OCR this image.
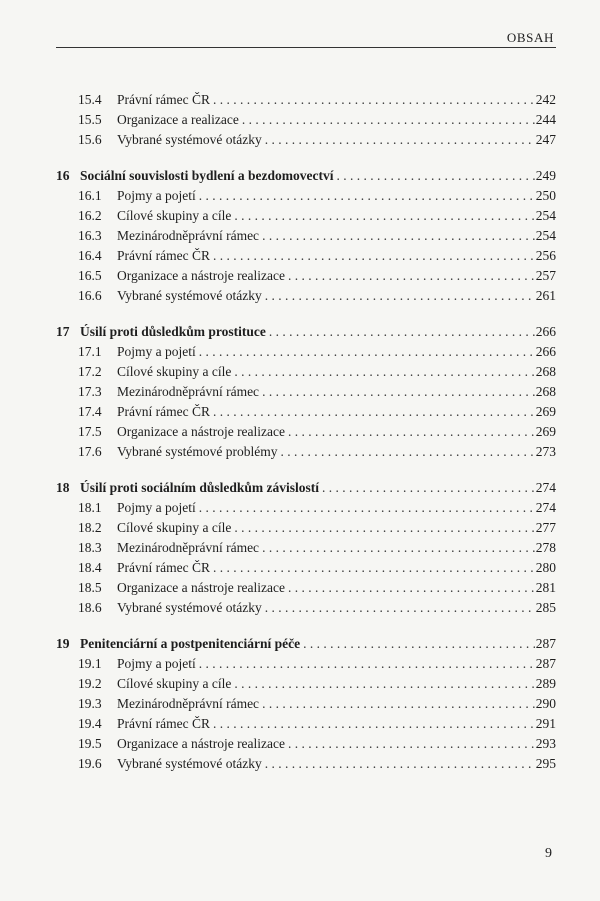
OBSAH
15.4 Právní rámec ČR . . .	242
15.5 Organizace a realizace . . .	244
15.6 Vybrané systémové otázky . . .	247
16 Sociální souvislosti bydlení a bezdomovectví . . .	249
16.1 Pojmy a pojetí . . .	250
16.2 Cílové skupiny a cíle . . .	254
16.3 Mezinárodněprávní rámec . . .	254
16.4 Právní rámec ČR . . .	256
16.5 Organizace a nástroje realizace . . .	257
16.6 Vybrané systémové otázky . . .	261
17 Úsilí proti důsledkům prostituce . . .	266
17.1 Pojmy a pojetí . . .	266
17.2 Cílové skupiny a cíle . . .	268
17.3 Mezinárodněprávní rámec . . .	268
17.4 Právní rámec ČR . . .	269
17.5 Organizace a nástroje realizace . . .	269
17.6 Vybrané systémové problémy . . .	273
18 Úsilí proti sociálním důsledkům závislostí . . .	274
18.1 Pojmy a pojetí . . .	274
18.2 Cílové skupiny a cíle . . .	277
18.3 Mezinárodněprávní rámec . . .	278
18.4 Právní rámec ČR . . .	280
18.5 Organizace a nástroje realizace . . .	281
18.6 Vybrané systémové otázky . . .	285
19 Penitenciární a postpenitenciární péče . . .	287
19.1 Pojmy a pojetí . . .	287
19.2 Cílové skupiny a cíle . . .	289
19.3 Mezinárodněprávní rámec . . .	290
19.4 Právní rámec ČR . . .	291
19.5 Organizace a nástroje realizace . . .	293
19.6 Vybrané systémové otázky . . .	295
9
